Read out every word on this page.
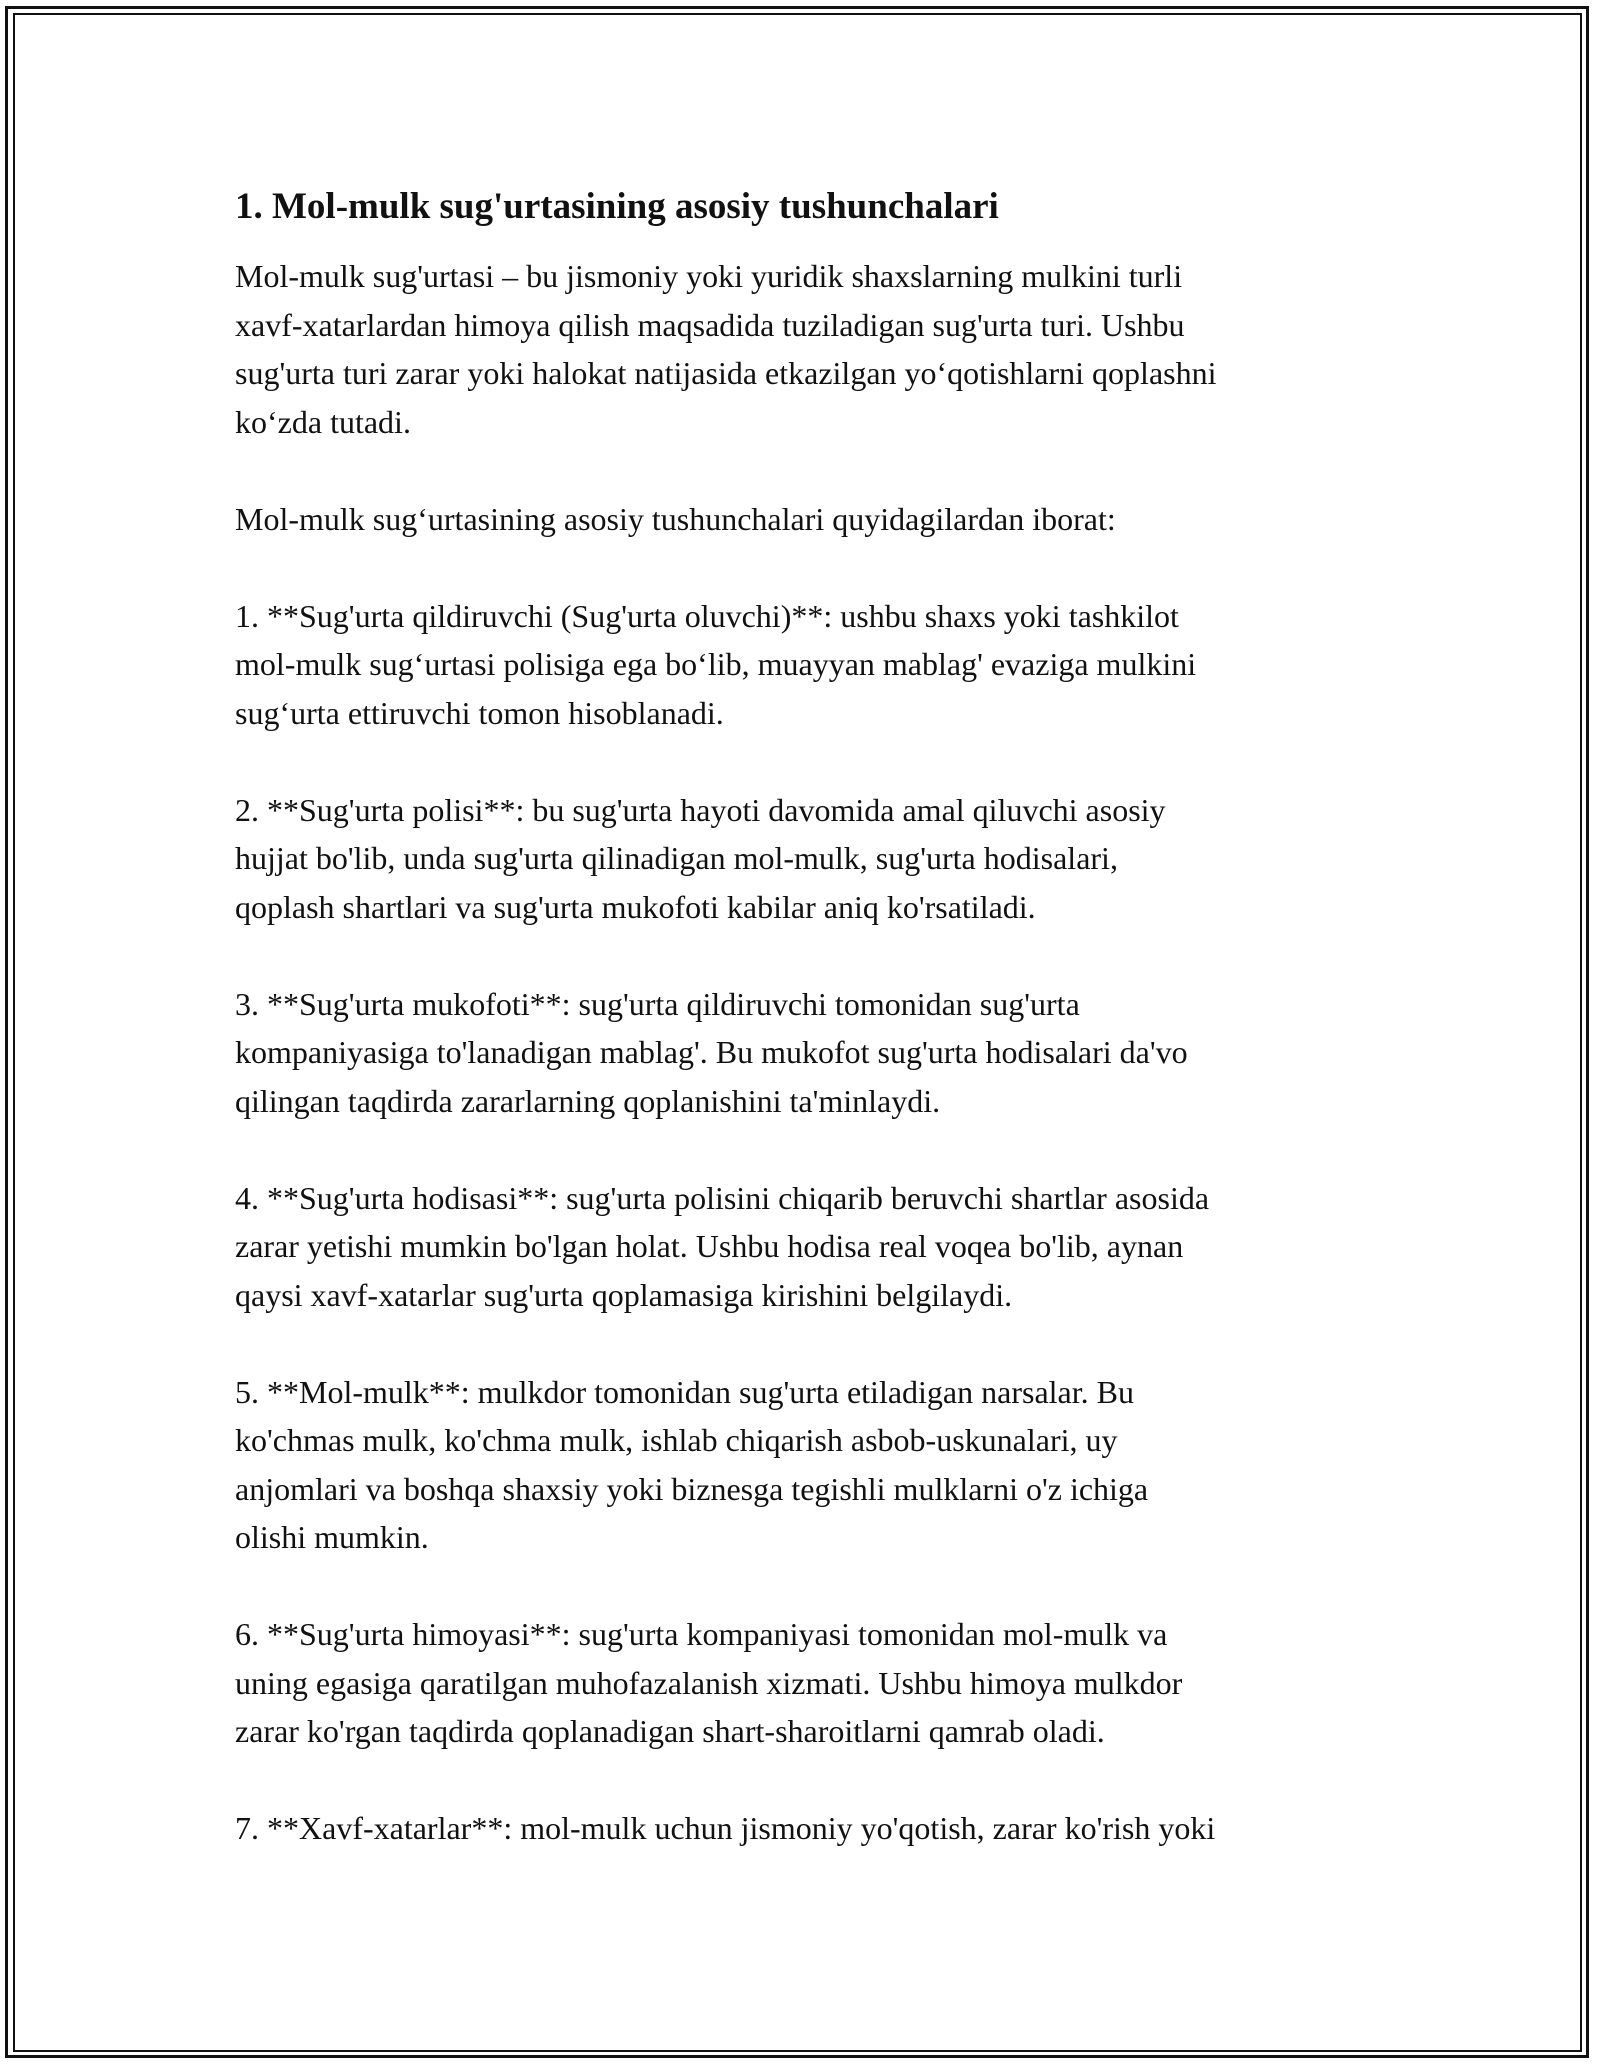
1. Mol-mulk sug'urtasining asosiy tushunchalari
Mol-mulk sug'urtasi – bu jismoniy yoki yuridik shaxslarning mulkini turli
xavf-xatarlardan himoya qilish maqsadida tuziladigan sug'urta turi. Ushbu
sug'urta turi zarar yoki halokat natijasida etkazilgan yo‘qotishlarni qoplashni
ko‘zda tutadi.
Mol-mulk sug‘urtasining asosiy tushunchalari quyidagilardan iborat:
1. **Sug'urta qildiruvchi (Sug'urta oluvchi)**: ushbu shaxs yoki tashkilot
mol-mulk sug‘urtasi polisiga ega bo‘lib, muayyan mablag' evaziga mulkini
sug‘urta ettiruvchi tomon hisoblanadi.
2. **Sug'urta polisi**: bu sug'urta hayoti davomida amal qiluvchi asosiy
hujjat bo'lib, unda sug'urta qilinadigan mol-mulk, sug'urta hodisalari,
qoplash shartlari va sug'urta mukofoti kabilar aniq ko'rsatiladi.
3. **Sug'urta mukofoti**: sug'urta qildiruvchi tomonidan sug'urta
kompaniyasiga to'lanadigan mablag'. Bu mukofot sug'urta hodisalari da'vo
qilingan taqdirda zararlarning qoplanishini ta'minlaydi.
4. **Sug'urta hodisasi**: sug'urta polisini chiqarib beruvchi shartlar asosida
zarar yetishi mumkin bo'lgan holat. Ushbu hodisa real voqea bo'lib, aynan
qaysi xavf-xatarlar sug'urta qoplamasiga kirishini belgilaydi.
5. **Mol-mulk**: mulkdor tomonidan sug'urta etiladigan narsalar. Bu
ko'chmas mulk, ko'chma mulk, ishlab chiqarish asbob-uskunalari, uy
anjomlari va boshqa shaxsiy yoki biznesga tegishli mulklarni o'z ichiga
olishi mumkin.
6. **Sug'urta himoyasi**: sug'urta kompaniyasi tomonidan mol-mulk va
uning egasiga qaratilgan muhofazalanish xizmati. Ushbu himoya mulkdor
zarar ko'rgan taqdirda qoplanadigan shart-sharoitlarni qamrab oladi.
7. **Xavf-xatarlar**: mol-mulk uchun jismoniy yo'qotish, zarar ko'rish yoki
